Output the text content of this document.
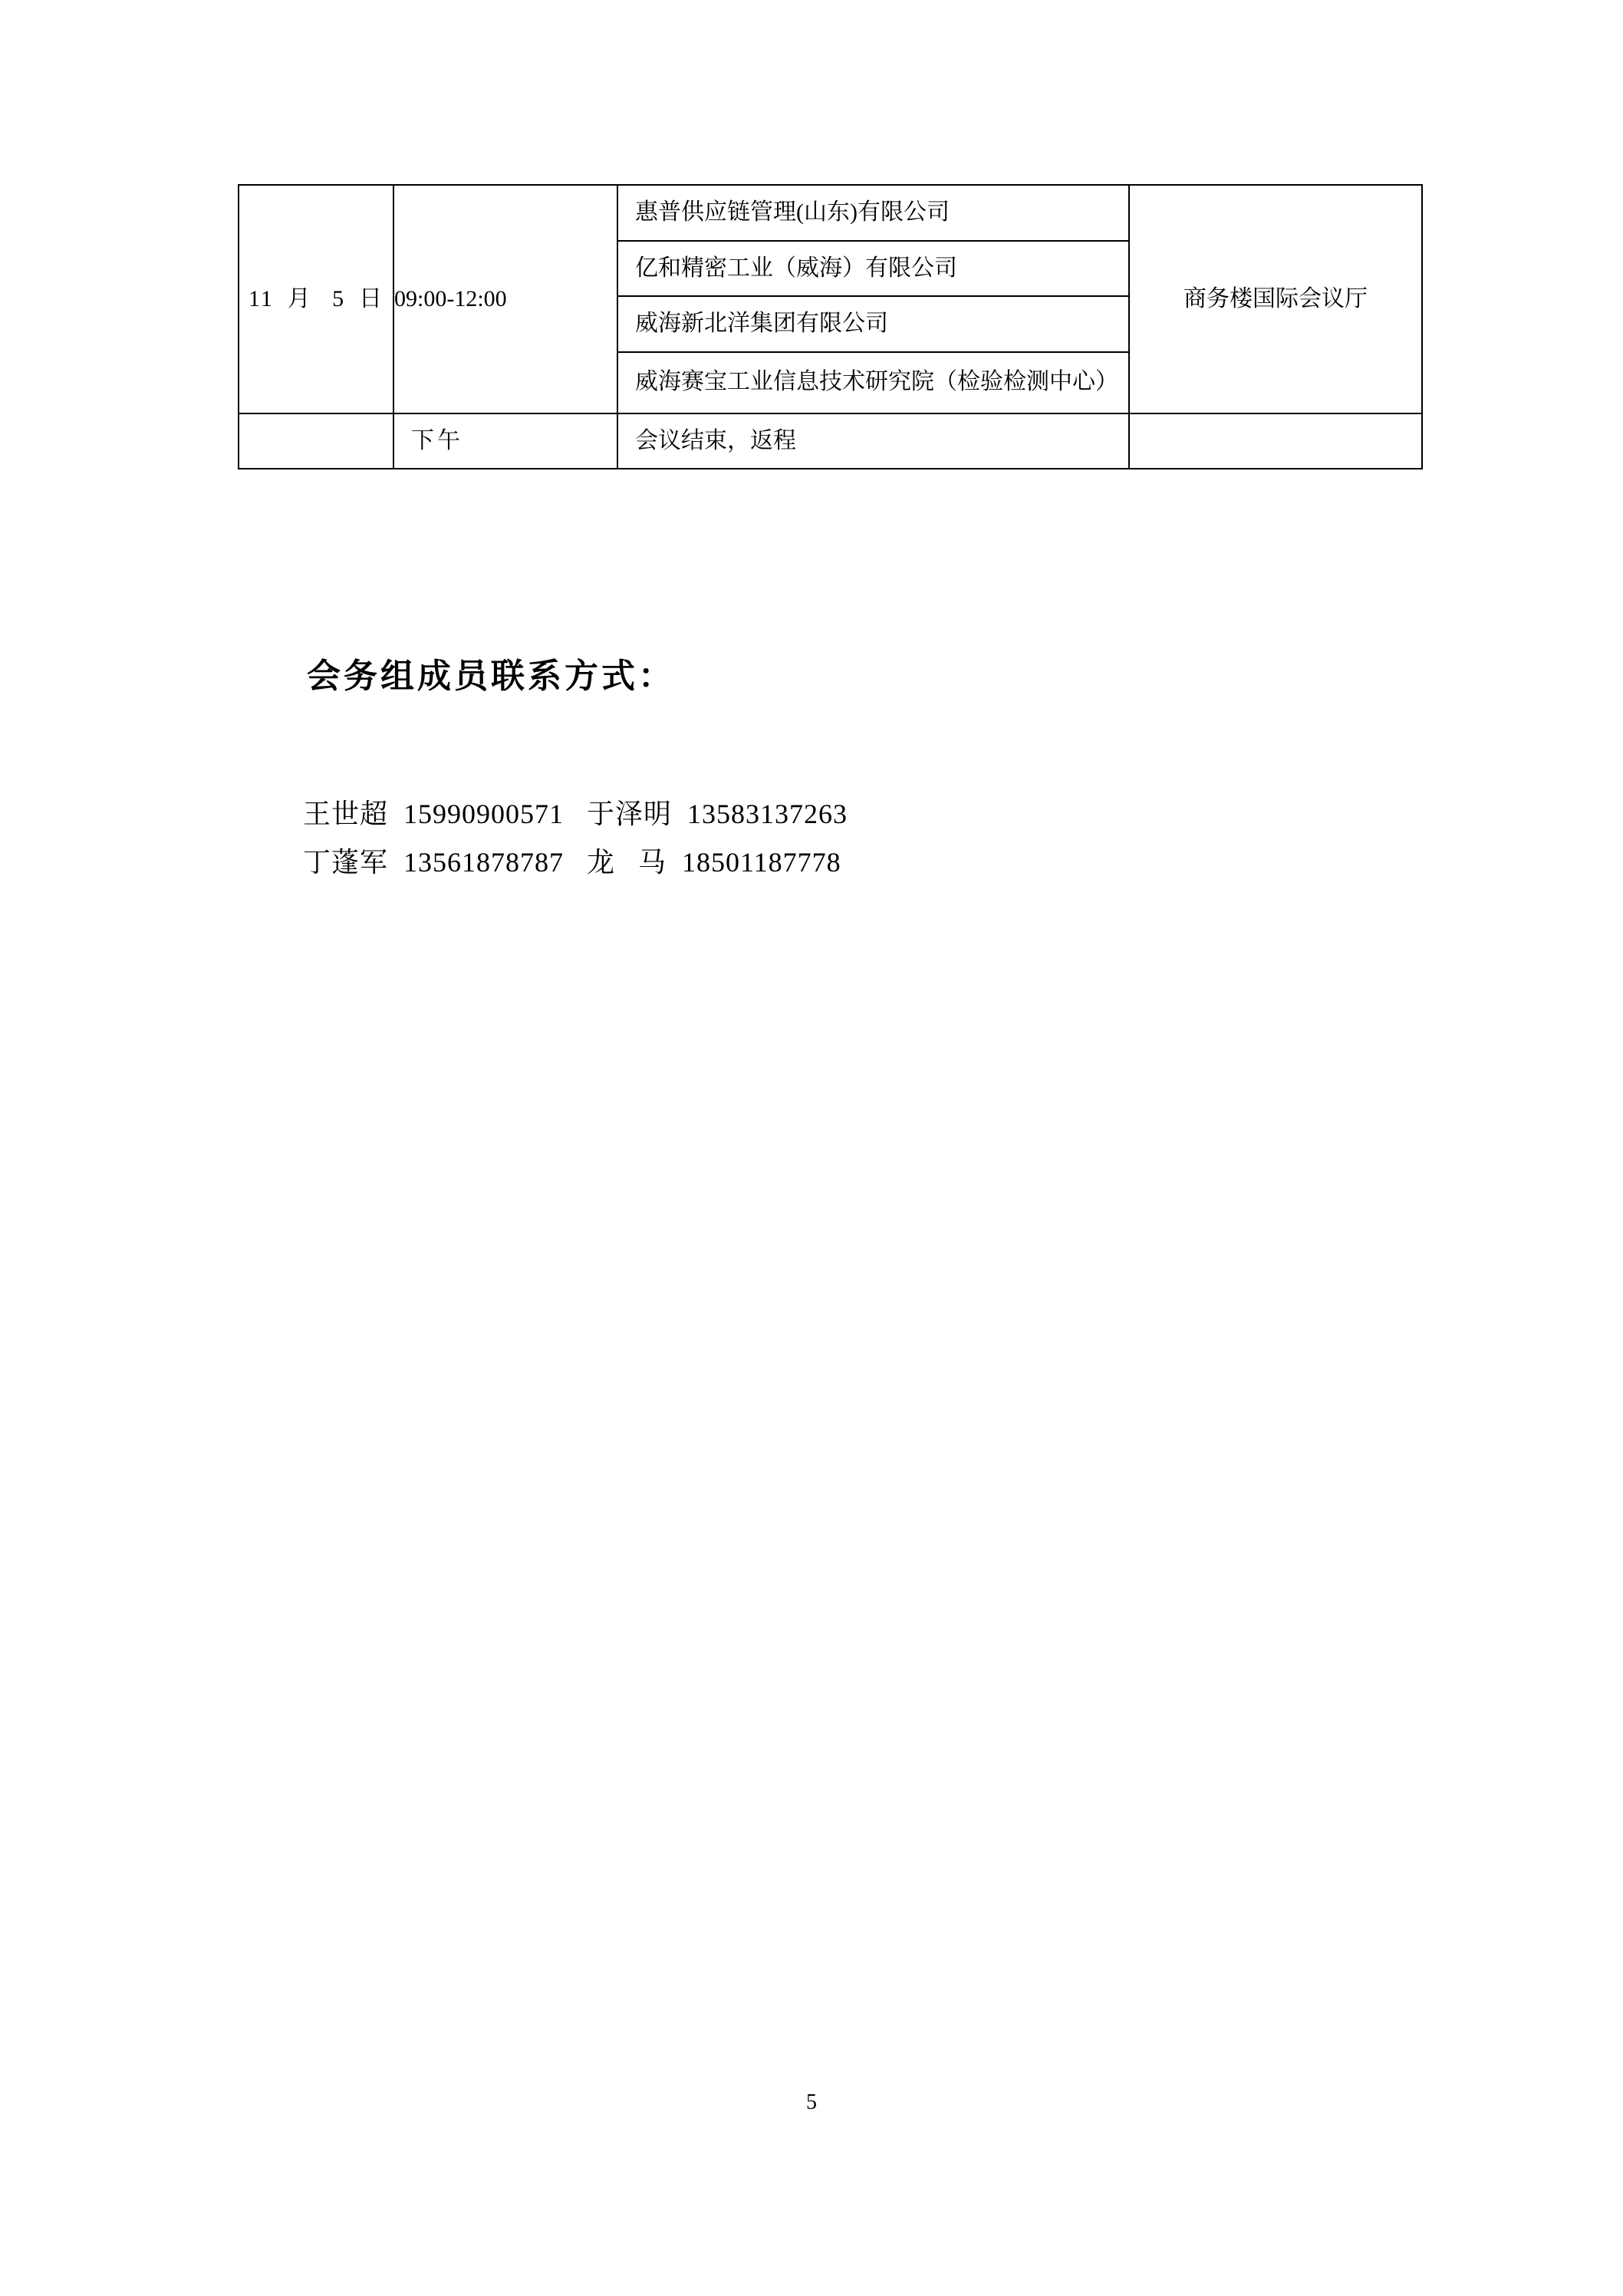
11 月 5 日	09:00-12:00	惠普供应链管理(山东)有限公司	商务楼国际会议厅

		亿和精密工业（威海）有限公司	

		威海新北洋集团有限公司	

		威海赛宝工业信息技术研究院（检验检测中心）	

	下午	会议结束，返程	

会务组成员联系方式：
王世超  15990900571   于泽明  13583137263
丁蓬军  13561878787   龙   马  18501187778
5
